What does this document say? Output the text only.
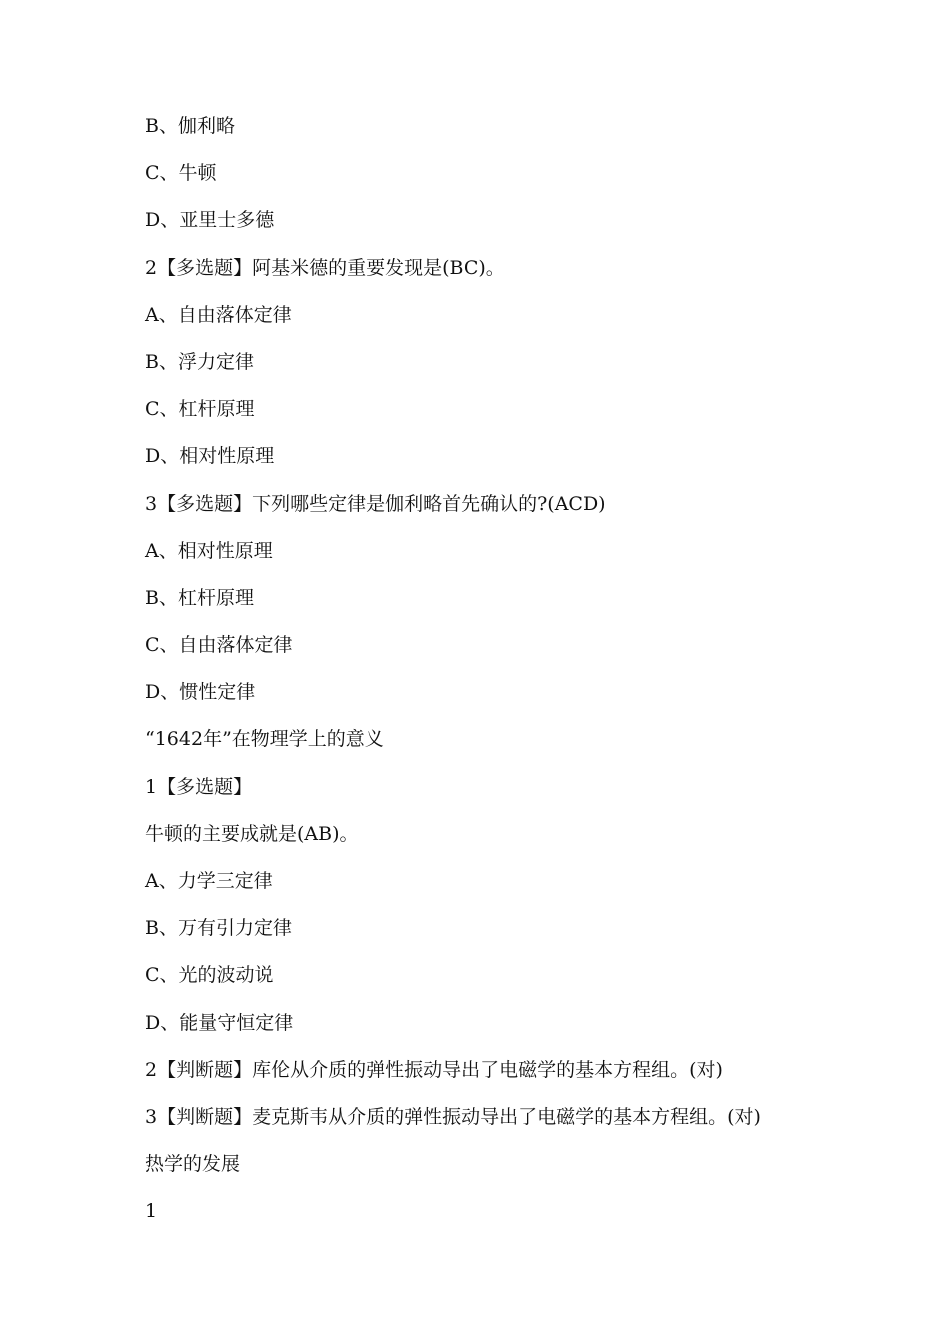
B、伽利略
C、牛顿
D、亚里士多德
2【多选题】阿基米德的重要发现是(BC)。
A、自由落体定律
B、浮力定律
C、杠杆原理
D、相对性原理
3【多选题】下列哪些定律是伽利略首先确认的?(ACD)
A、相对性原理
B、杠杆原理
C、自由落体定律
D、惯性定律
“1642年”在物理学上的意义
1【多选题】
牛顿的主要成就是(AB)。
A、力学三定律
B、万有引力定律
C、光的波动说
D、能量守恒定律
2【判断题】库伦从介质的弹性振动导出了电磁学的基本方程组。(对)
3【判断题】麦克斯韦从介质的弹性振动导出了电磁学的基本方程组。(对)
热学的发展
1
